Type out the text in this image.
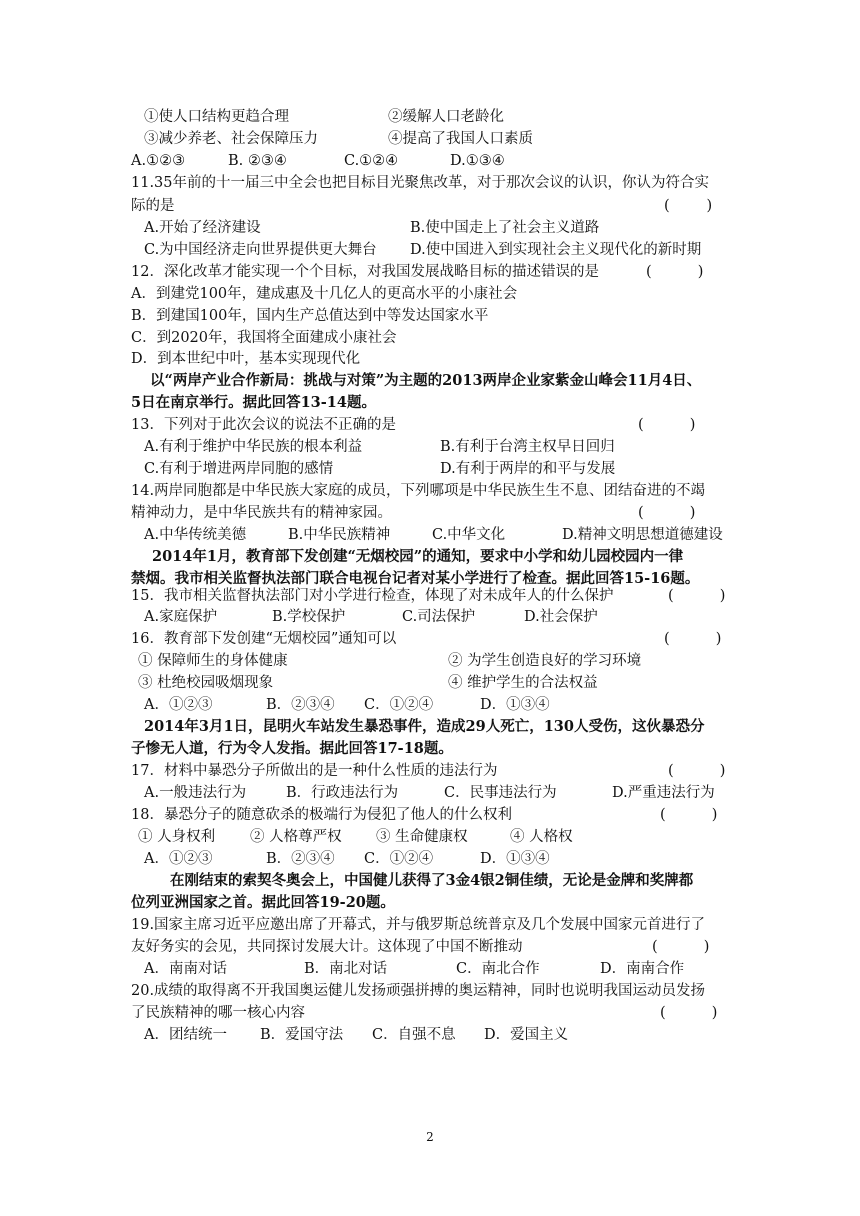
①使人口结构更趋合理	②缓解人口老龄化
③减少养老、社会保障压力	④提高了我国人口素质
A.①②③	B. ②③④	C.①②④	D.①③④
11.35年前的十一届三中全会也把目标目光聚焦改革，对于那次会议的认识，你认为符合实
际的是	(        )
A.开始了经济建设	B.使中国走上了社会主义道路
C.为中国经济走向世界提供更大舞台 D.使中国进入到实现社会主义现代化的新时期
12．深化改革才能实现一个个目标，对我国发展战略目标的描述错误的是	(          )
A．到建党100年，建成惠及十几亿人的更高水平的小康社会
B．到建国100年，国内生产总值达到中等发达国家水平
C．到2020年，我国将全面建成小康社会
D．到本世纪中叶，基本实现现代化
以“两岸产业合作新局：挑战与对策”为主题的2013两岸企业家紫金山峰会11月4日、
5日在南京举行。据此回答13-14题。
13．下列对于此次会议的说法不正确的是	(          )
A.有利于维护中华民族的根本利益	B.有利于台湾主权早日回归
C.有利于增进两岸同胞的感情	D.有利于两岸的和平与发展
14.两岸同胞都是中华民族大家庭的成员，下列哪项是中华民族生生不息、团结奋进的不竭
精神动力，是中华民族共有的精神家园。	(          )
A.中华传统美德	B.中华民族精神	C.中华文化	D.精神文明思想道德建设
2014年1月，教育部下发创建“无烟校园”的通知，要求中小学和幼儿园校园内一律
禁烟。我市相关监督执法部门联合电视台记者对某小学进行了检查。据此回答15-16题。
15．我市相关监督执法部门对小学进行检查，体现了对未成年人的什么保护	(          )
A.家庭保护	B.学校保护	C.司法保护	D.社会保护
16．教育部下发创建“无烟校园”通知可以	(          )
① 保障师生的身体健康	② 为学生创造良好的学习环境
③ 杜绝校园吸烟现象	④ 维护学生的合法权益
A．①②③	B．②③④ C．①②④	D．①③④
2014年3月1日，昆明火车站发生暴恐事件，造成29人死亡，130人受伤，这伙暴恐分
子惨无人道，行为令人发指。据此回答17-18题。
17．材料中暴恐分子所做出的是一种什么性质的违法行为	(          )
A.一般违法行为	B．行政违法行为	C．民事违法行为	D.严重违法行为
18．暴恐分子的随意砍杀的极端行为侵犯了他人的什么权利	(          )
① 人身权利 ② 人格尊严权 ③ 生命健康权	④ 人格权
A．①②③	B．②③④ C．①②④	D．①③④
在刚结束的索契冬奥会上，中国健儿获得了3金4银2铜佳绩，无论是金牌和奖牌都
位列亚洲国家之首。据此回答19-20题。
19.国家主席习近平应邀出席了开幕式，并与俄罗斯总统普京及几个发展中国家元首进行了
友好务实的会见，共同探讨发展大计。这体现了中国不断推动	(          )
A．南南对话	B．南北对话	C．南北合作	D．南南合作
20.成绩的取得离不开我国奥运健儿发扬顽强拼搏的奥运精神，同时也说明我国运动员发扬
了民族精神的哪一核心内容	(          )
A．团结统一 B．爱国守法 C．自强不息 D．爱国主义
2
